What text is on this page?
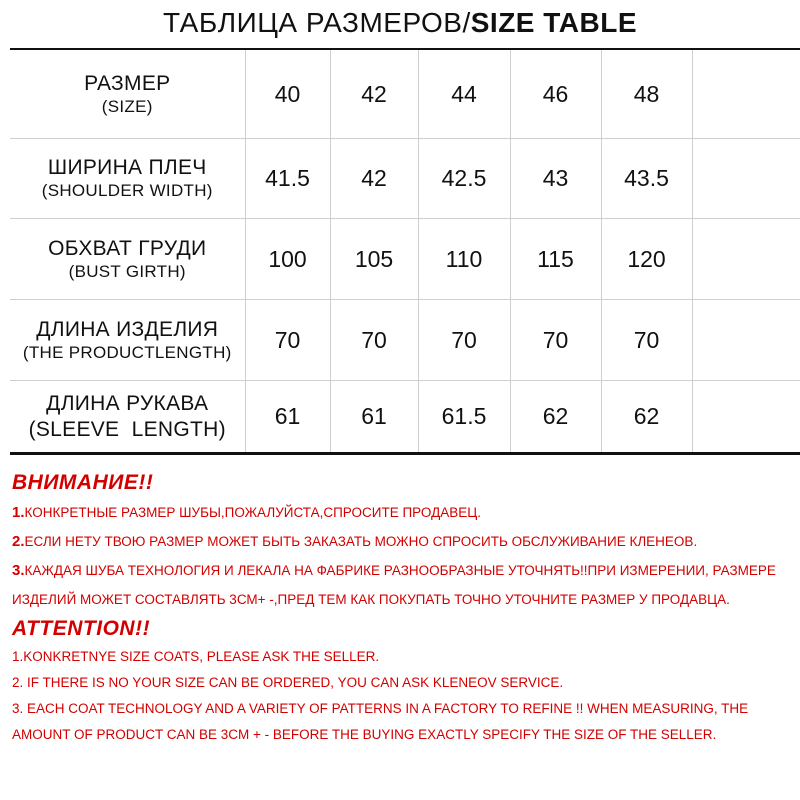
ТАБЛИЦА РАЗМЕРОВ/SIZE TABLE
РАЗМЕР
(SIZE)	40	42	44	46	48	

ШИРИНА ПЛЕЧ
(SHOULDER WIDTH)	41.5	42	42.5	43	43.5	

ОБХВАТ ГРУДИ
(BUST GIRTH)	100	105	110	115	120	

ДЛИНА ИЗДЕЛИЯ
(THE PRODUCTLENGTH)	70	70	70	70	70	

ДЛИНА РУКАВА
(SLEEVE  LENGTH)	61	61	61.5	62	62	

ВНИМАНИЕ!!

1.КОНКРЕТНЫЕ РАЗМЕР ШУБЫ,ПОЖАЛУЙСТА,СПРОСИТЕ ПРОДАВЕЦ.
2.ЕСЛИ НЕТУ ТВОЮ РАЗМЕР МОЖЕТ БЫТЬ ЗАКАЗАТЬ МОЖНО СПРОСИТЬ ОБСЛУЖИВАНИЕ КЛЕНЕОВ.
3.КАЖДАЯ ШУБА ТЕХНОЛОГИЯ И ЛЕКАЛА НА ФАБРИКЕ РАЗНООБРАЗНЫЕ УТОЧНЯТЬ!!ПРИ ИЗМЕРЕНИИ, РАЗМЕРЕ ИЗДЕЛИЙ МОЖЕТ СОСТАВЛЯТЬ 3СМ+ -,ПРЕД ТЕМ КАК ПОКУПАТЬ ТОЧНО УТОЧНИТЕ РАЗМЕР У ПРОДАВЦА.

ATTENTION!!

1.KONKRETNYE SIZE COATS, PLEASE ASK THE SELLER.
2. IF THERE IS NO YOUR SIZE CAN BE ORDERED, YOU CAN ASK KLENEOV SERVICE.
3. EACH COAT TECHNOLOGY AND A VARIETY OF PATTERNS IN A FACTORY TO REFINE !! WHEN MEASURING, THE AMOUNT OF PRODUCT CAN BE 3CM + - BEFORE THE BUYING EXACTLY SPECIFY THE SIZE OF THE SELLER.
